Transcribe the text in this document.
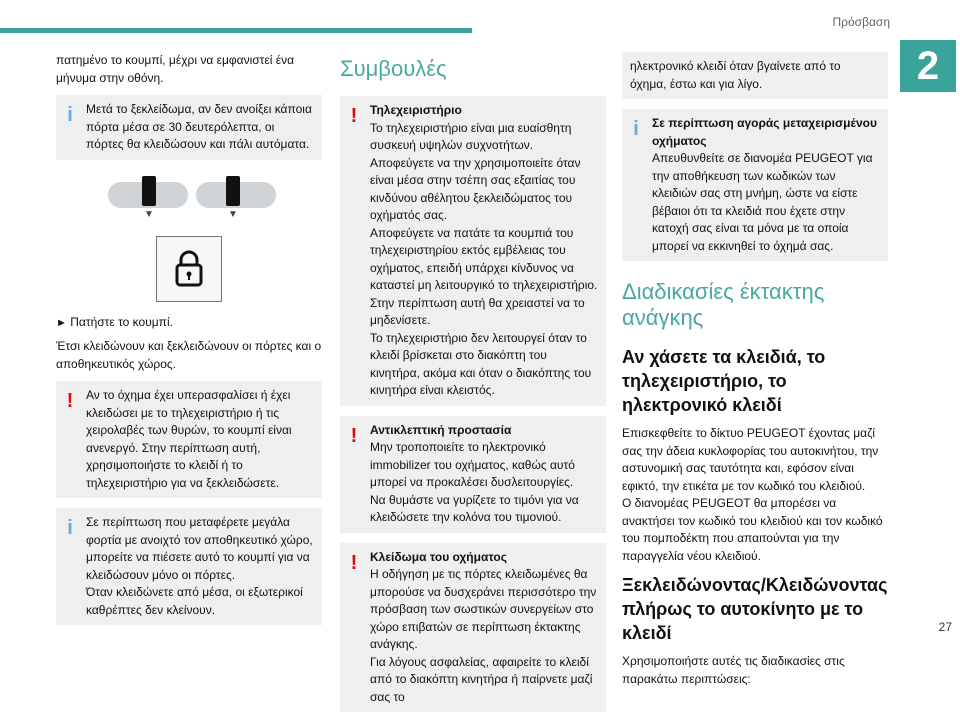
Πρόσβαση
2
27

πατημένο το κουμπί, μέχρι να εμφανιστεί ένα μήνυμα στην οθόνη.

i Μετά το ξεκλείδωμα, αν δεν ανοίξει κάποια πόρτα μέσα σε 30 δευτερόλεπτα, οι πόρτες θα κλειδώσουν και πάλι αυτόματα.
▼	▼

► Πατήστε το κουμπί.

Έτσι κλειδώνουν και ξεκλειδώνουν οι πόρτες και ο αποθηκευτικός χώρος.

! Αν το όχημα έχει υπερασφαλίσει ή έχει κλειδώσει με το τηλεχειριστήριο ή τις χειρολαβές των θυρών, το κουμπί είναι ανενεργό. Στην περίπτωση αυτή, χρησιμοποιήστε το κλειδί ή το τηλεχειριστήριο για να ξεκλειδώσετε.
i Σε περίπτωση που μεταφέρετε μεγάλα φορτία με ανοιχτό τον αποθηκευτικό χώρο, μπορείτε να πιέσετε αυτό το κουμπί για να κλειδώσουν μόνο οι πόρτες.

Όταν κλειδώνετε από μέσα, οι εξωτερικοί καθρέπτες δεν κλείνουν.

Συμβουλές
! Τηλεχειριστήριο

Το τηλεχειριστήριο είναι μια ευαίσθητη συσκευή υψηλών συχνοτήτων. Αποφεύγετε να την χρησιμοποιείτε όταν είναι μέσα στην τσέπη σας εξαιτίας του κινδύνου αθέλητου ξεκλειδώματος του οχήματός σας.

Αποφεύγετε να πατάτε τα κουμπιά του τηλεχειριστηρίου εκτός εμβέλειας του οχήματος, επειδή υπάρχει κίνδυνος να καταστεί μη λειτουργικό το τηλεχειριστήριο. Στην περίπτωση αυτή θα χρειαστεί να το μηδενίσετε.

Το τηλεχειριστήριο δεν λειτουργεί όταν το κλειδί βρίσκεται στο διακόπτη του κινητήρα, ακόμα και όταν ο διακόπτης του κινητήρα είναι κλειστός.

! Αντικλεπτική προστασία

Μην τροποποιείτε το ηλεκτρονικό immobilizer του οχήματος, καθώς αυτό μπορεί να προκαλέσει δυσλειτουργίες.

Να θυμάστε να γυρίζετε το τιμόνι για να κλειδώσετε την κολόνα του τιμονιού.

! Κλείδωμα του οχήματος

Η οδήγηση με τις πόρτες κλειδωμένες θα μπορούσε να δυσχεράνει περισσότερο την πρόσβαση των σωστικών συνεργείων στο χώρο επιβατών σε περίπτωση έκτακτης ανάγκης.

Για λόγους ασφαλείας, αφαιρείτε το κλειδί από το διακόπτη κινητήρα ή παίρνετε μαζί σας το

ηλεκτρονικό κλειδί όταν βγαίνετε από το όχημα, έστω και για λίγο.
i Σε περίπτωση αγοράς μεταχειρισμένου οχήματος
Απευθυνθείτε σε διανομέα PEUGEOT για την αποθήκευση των κωδικών των κλειδιών σας στη μνήμη, ώστε να είστε βέβαιοι ότι τα κλειδιά που έχετε στην κατοχή σας είναι τα μόνα με τα οποία μπορεί να εκκινηθεί το όχημά σας.
Διαδικασίες έκτακτης ανάγκης
Αν χάσετε τα κλειδιά, το τηλεχειριστήριο, το ηλεκτρονικό κλειδί

Επισκεφθείτε το δίκτυο PEUGEOT έχοντας μαζί σας την άδεια κυκλοφορίας του αυτοκινήτου, την αστυνομική σας ταυτότητα και, εφόσον είναι εφικτό, την ετικέτα με τον κωδικό του κλειδιού.

Ο διανομέας PEUGEOT θα μπορέσει να ανακτήσει τον κωδικό του κλειδιού και τον κωδικό του πομποδέκτη που απαιτούνται για την παραγγελία νέου κλειδιού.

Ξεκλειδώνοντας/Κλειδώνοντας πλήρως το αυτοκίνητο με το κλειδί

Χρησιμοποιήστε αυτές τις διαδικασίες στις παρακάτω περιπτώσεις:
